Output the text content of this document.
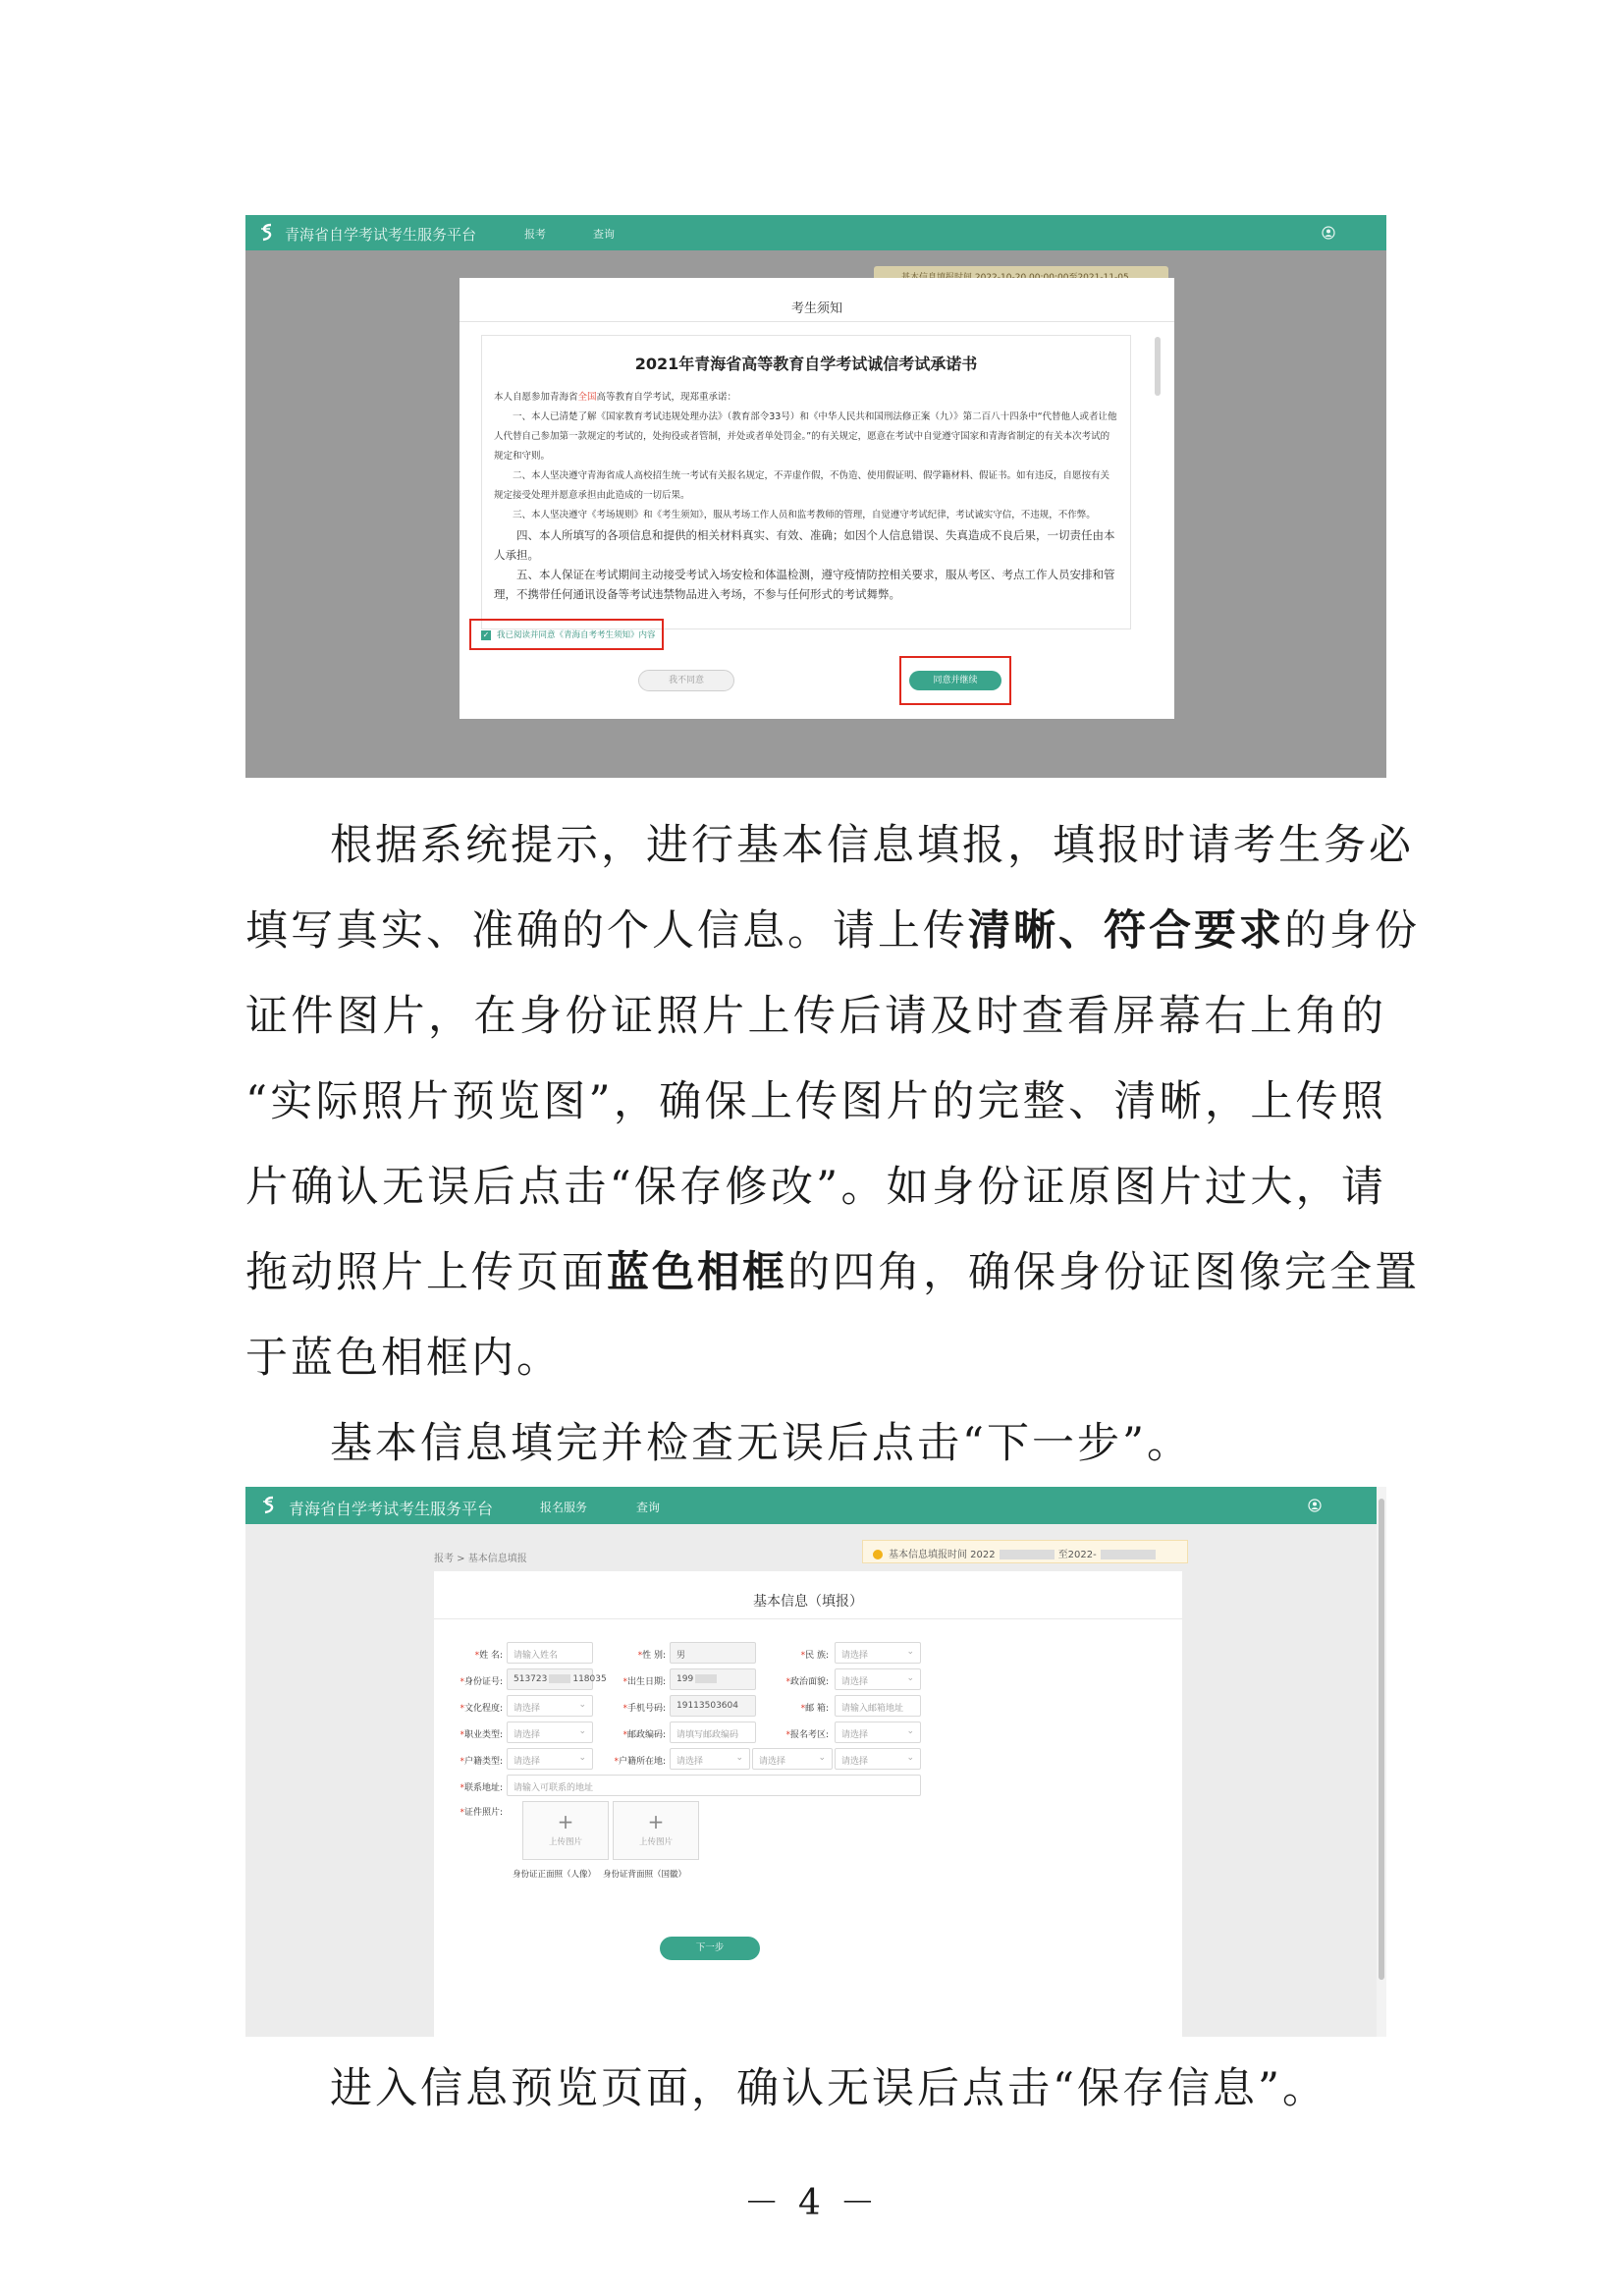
青海省自学考试考生服务平台	报考	查询
考生须知
2021年青海省高等教育自学考试诚信考试承诺书

本人自愿参加青海省全国高等教育自学考试，现郑重承诺：

一、本人已清楚了解《国家教育考试违规处理办法》（教育部令33号）和《中华人民共和国刑法修正案（九）》第二百八十四条中“代替他人或者让他人代替自己参加第一款规定的考试的，处拘役或者管制，并处或者单处罚金。”的有关规定，愿意在考试中自觉遵守国家和青海省制定的有关本次考试的规定和守则。

二、本人坚决遵守青海省成人高校招生统一考试有关报名规定，不弄虚作假，不伪造、使用假证明、假学籍材料、假证书。如有违反，自愿按有关规定接受处理并愿意承担由此造成的一切后果。

三、本人坚决遵守《考场规则》和《考生须知》，服从考场工作人员和监考教师的管理，自觉遵守考试纪律，考试诚实守信，不违规，不作弊。

四、本人所填写的各项信息和提供的相关材料真实、有效、准确；如因个人信息错误、失真造成不良后果，一切责任由本人承担。

五、本人保证在考试期间主动接受考试入场安检和体温检测，遵守疫情防控相关要求，服从考区、考点工作人员安排和管理，不携带任何通讯设备等考试违禁物品进入考场，不参与任何形式的考试舞弊。

✓ 我已阅读并同意《青海自考考生须知》内容
我不同意	同意并继续
根据系统提示，进行基本信息填报，填报时请考生务必
填写真实、准确的个人信息。请上传清晰、符合要求的身份
证件图片，在身份证照片上传后请及时查看屏幕右上角的
“实际照片预览图”，确保上传图片的完整、清晰，上传照
片确认无误后点击“保存修改”。如身份证原图片过大，请
拖动照片上传页面蓝色相框的四角，确保身份证图像完全置
于蓝色相框内。
基本信息填完并检查无误后点击“下一步”。
青海省自学考试考生服务平台	报名服务	查询
报考 > 基本信息填报	基本信息填报时间 2022	至2022-
基本信息（填报）
*姓 名:	请输入姓名	*性 别:	男	*民 族:	请选择	⌄
*身份证号:	513723	118035	*出生日期:	199	*政治面貌:	请选择	⌄
*文化程度:	请选择	⌄	*手机号码:	19113503604	*邮 箱:	请输入邮箱地址
*职业类型:	请选择	⌄	*邮政编码:	请填写邮政编码	*报名考区:	请选择	⌄
*户籍类型:	请选择	⌄	*户籍所在地:	请选择	⌄	请选择	⌄	请选择	⌄
*联系地址:	请输入可联系的地址
*证件照片:	+
上传图片
身份证正面照（人像）
+
上传图片
身份证背面照（国徽）
下一步
进入信息预览页面，确认无误后点击“保存信息”。
－ 4 －
